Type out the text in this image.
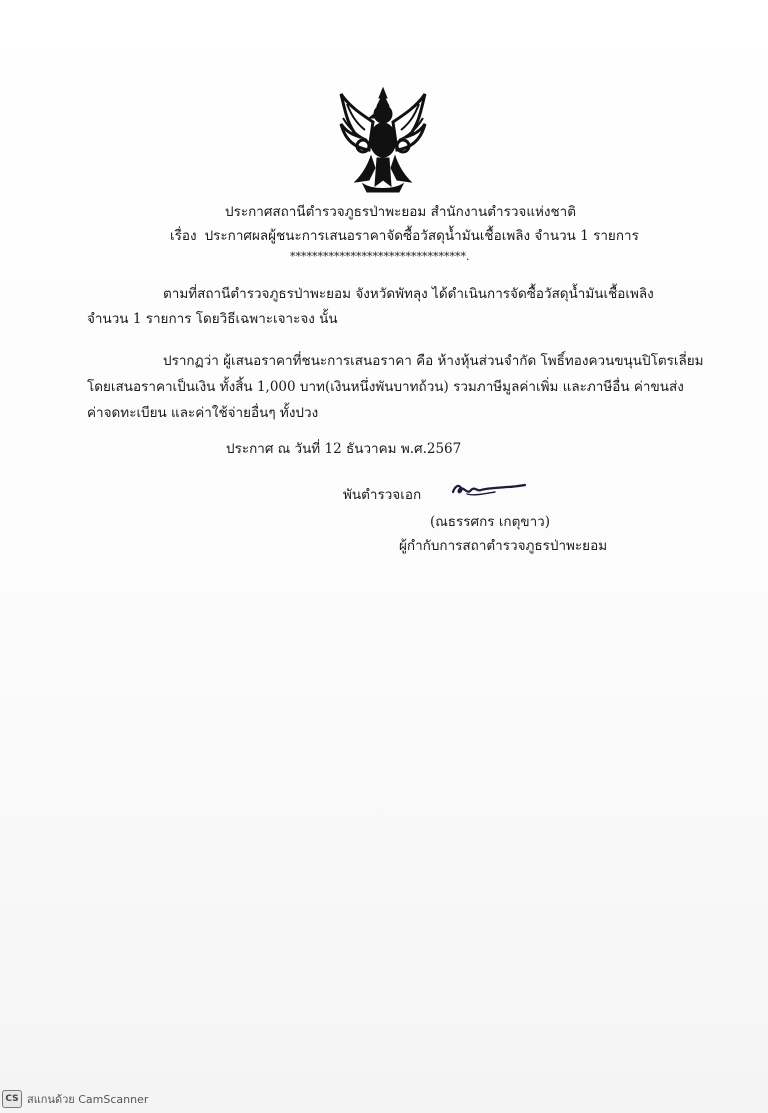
ประกาศสถานีตำรวจภูธรป่าพะยอม สำนักงานตำรวจแห่งชาติ
เรื่อง ประกาศผลผู้ชนะการเสนอราคาจัดซื้อวัสดุน้ำมันเชื้อเพลิง จำนวน 1 รายการ
********************************.
ตามที่สถานีตำรวจภูธรป่าพะยอม จังหวัดพัทลุง ได้ดำเนินการจัดซื้อวัสดุน้ำมันเชื้อเพลิง
จำนวน 1 รายการ โดยวิธีเฉพาะเจาะจง นั้น
ปรากฏว่า ผู้เสนอราคาที่ชนะการเสนอราคา คือ ห้างหุ้นส่วนจำกัด โพธิ์ทองควนขนุนปิโตรเลี่ยม
โดยเสนอราคาเป็นเงิน ทั้งสิ้น 1,000 บาท(เงินหนึ่งพันบาทถ้วน) รวมภาษีมูลค่าเพิ่ม และภาษีอื่น ค่าขนส่ง
ค่าจดทะเบียน และค่าใช้จ่ายอื่นๆ ทั้งปวง
ประกาศ ณ วันที่ 12 ธันวาคม พ.ศ.2567
พันตำรวจเอก
(ณธรรศกร เกตุขาว)
ผู้กำกับการสถาตำรวจภูธรป่าพะยอม
CS สแกนด้วย CamScanner
